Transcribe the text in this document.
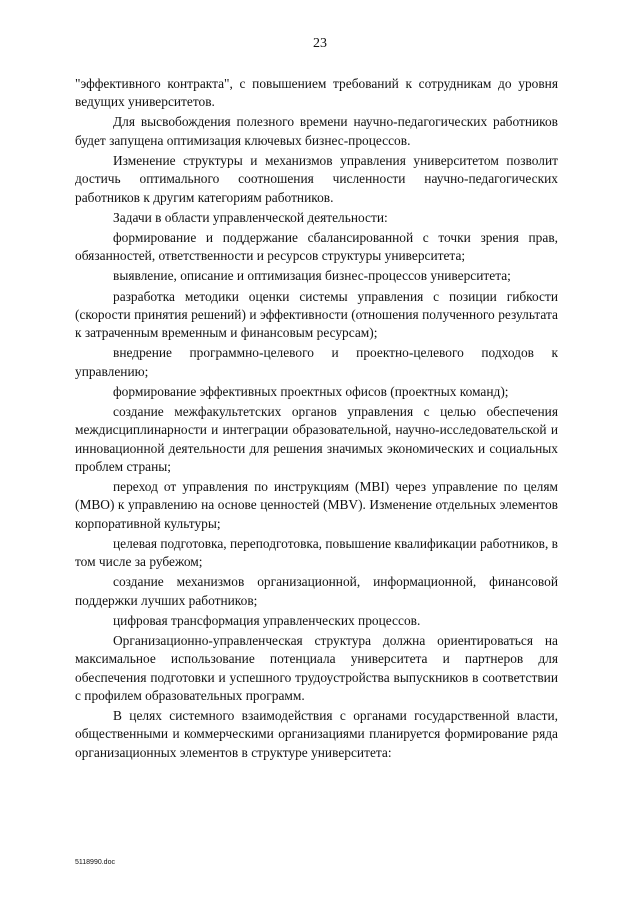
23

"эффективного контракта", с повышением требований к сотрудникам до уровня ведущих университетов.

Для высвобождения полезного времени научно-педагогических работников будет запущена оптимизация ключевых бизнес-процессов.

Изменение структуры и механизмов управления университетом позволит достичь оптимального соотношения численности научно-педагогических работников к другим категориям работников.

Задачи в области управленческой деятельности:

формирование и поддержание сбалансированной с точки зрения прав, обязанностей, ответственности и ресурсов структуры университета;

выявление, описание и оптимизация бизнес-процессов университета;

разработка методики оценки системы управления с позиции гибкости (скорости принятия решений) и эффективности (отношения полученного результата к затраченным временным и финансовым ресурсам);

внедрение программно-целевого и проектно-целевого подходов к управлению;

формирование эффективных проектных офисов (проектных команд);

создание межфакультетских органов управления с целью обеспечения междисциплинарности и интеграции образовательной, научно-исследовательской и инновационной деятельности для решения значимых экономических и социальных проблем страны;

переход от управления по инструкциям (MBI) через управление по целям (MBO) к управлению на основе ценностей (MBV). Изменение отдельных элементов корпоративной культуры;

целевая подготовка, переподготовка, повышение квалификации работников, в том числе за рубежом;

создание механизмов организационной, информационной, финансовой поддержки лучших работников;

цифровая трансформация управленческих процессов.

Организационно-управленческая структура должна ориентироваться на максимальное использование потенциала университета и партнеров для обеспечения подготовки и успешного трудоустройства выпускников в соответствии с профилем образовательных программ.

В целях системного взаимодействия с органами государственной власти, общественными и коммерческими организациями планируется формирование ряда организационных элементов в структуре университета:

5118990.doc
